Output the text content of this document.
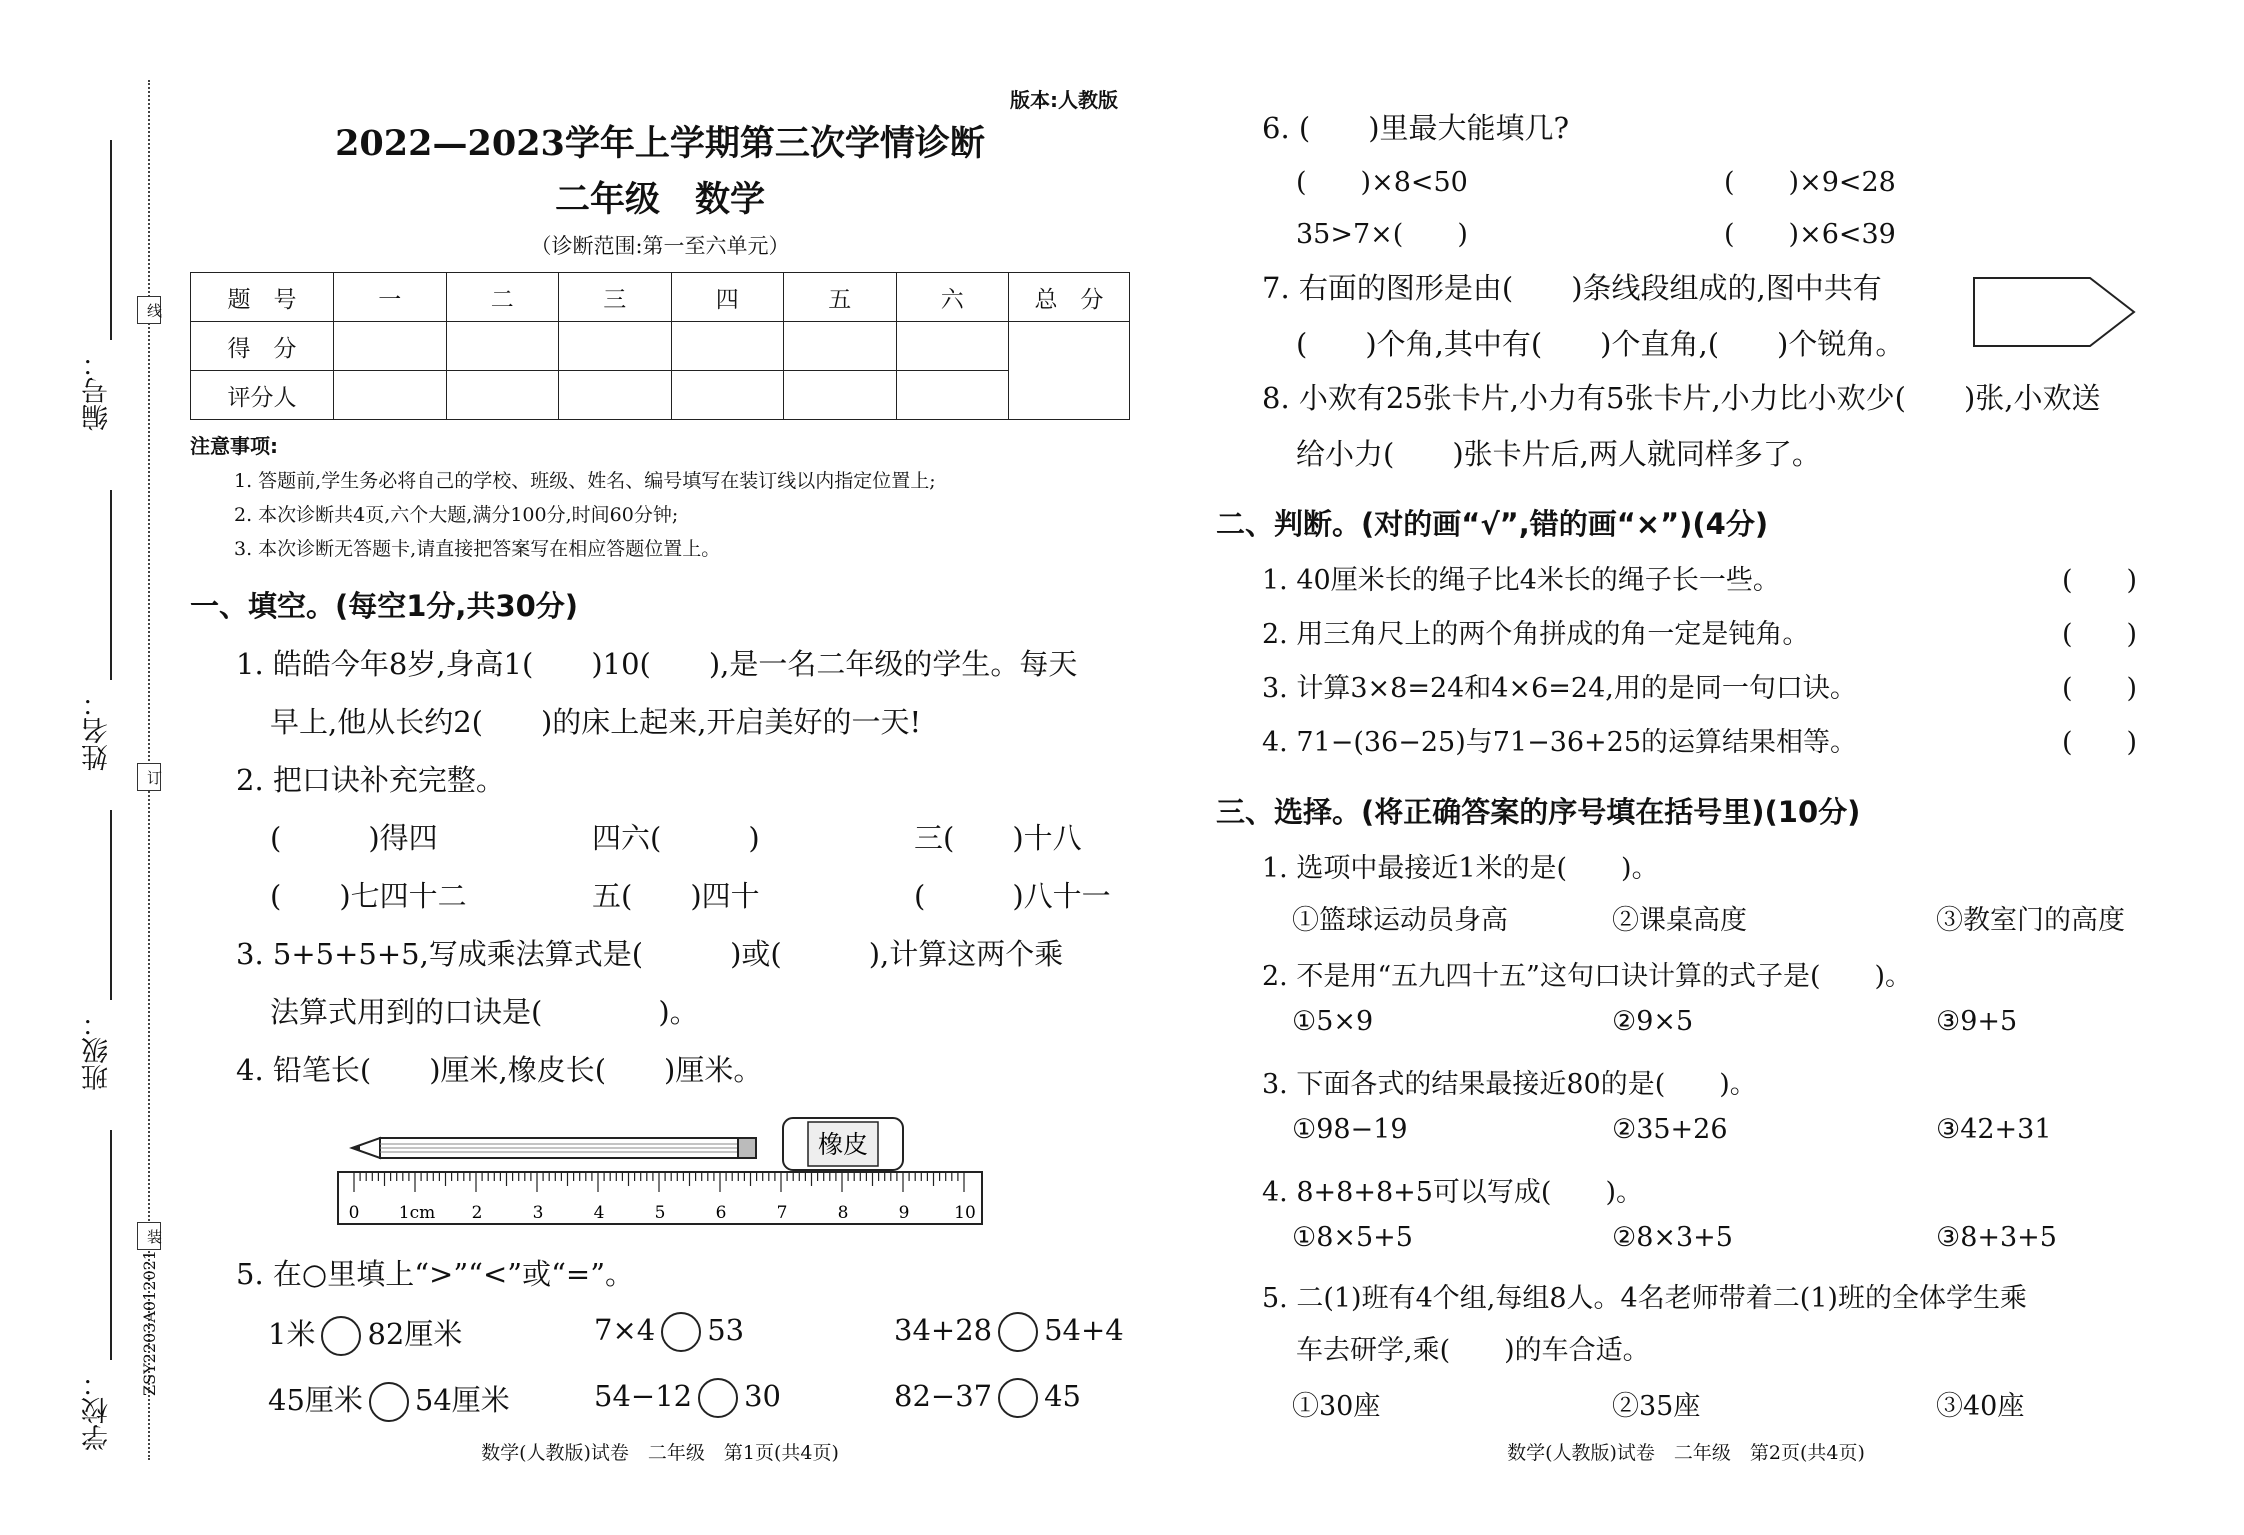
线
订
装
编号：
姓名：
班级：
学校：
ZSY2203A012021
版本:人教版
2022—2023学年上学期第三次学情诊断
二年级　数学
（诊断范围:第一至六单元）
题　号	一	二	三	四	五	六	总　分
得　分							
评分人							
注意事项:
1. 答题前,学生务必将自己的学校、班级、姓名、编号填写在装订线以内指定位置上;
2. 本次诊断共4页,六个大题,满分100分,时间60分钟;
3. 本次诊断无答题卡,请直接把答案写在相应答题位置上。
一、填空。(每空1分,共30分)
1. 皓皓今年8岁,身高1(　　)10(　　),是一名二年级的学生。每天
早上,他从长约2(　　)的床上起来,开启美好的一天!
2. 把口诀补充完整。
(　　　)得四	四六(　　　)	三(　　)十八
(　　)七四十二	五(　　)四十	(　　　)八十一
3. 5+5+5+5,写成乘法算式是(　　　)或(　　　),计算这两个乘
法算式用到的口诀是(　　　　)。
4. 铅笔长(　　)厘米,橡皮长(　　)厘米。
橡皮
0 1cm 2	3	4	5	6	7	8	9	10
5. 在○里填上“>”“<”或“=”。
1米 82厘米	7×4 53	34+28 54+4
45厘米 54厘米	54−12 30	82−37 45
数学(人教版)试卷　二年级　第1页(共4页)
6. (　　)里最大能填几?
(　　)×8<50	(　　)×9<28
35>7×(　　)	(　　)×6<39
7. 右面的图形是由(　　)条线段组成的,图中共有
(　　)个角,其中有(　　)个直角,(　　)个锐角。
8. 小欢有25张卡片,小力有5张卡片,小力比小欢少(　　)张,小欢送
给小力(　　)张卡片后,两人就同样多了。
二、判断。(对的画“√”,错的画“×”)(4分)
1. 40厘米长的绳子比4米长的绳子长一些。	(　　)
2. 用三角尺上的两个角拼成的角一定是钝角。	(　　)
3. 计算3×8=24和4×6=24,用的是同一句口诀。	(　　)
4. 71−(36−25)与71−36+25的运算结果相等。	(　　)
三、选择。(将正确答案的序号填在括号里)(10分)
1. 选项中最接近1米的是(　　)。
①篮球运动员身高	②课桌高度	③教室门的高度
2. 不是用“五九四十五”这句口诀计算的式子是(　　)。
①5×9	②9×5	③9+5
3. 下面各式的结果最接近80的是(　　)。
①98−19	②35+26	③42+31
4. 8+8+8+5可以写成(　　)。
①8×5+5	②8×3+5	③8+3+5
5. 二(1)班有4个组,每组8人。4名老师带着二(1)班的全体学生乘
车去研学,乘(　　)的车合适。
①30座	②35座	③40座
数学(人教版)试卷　二年级　第2页(共4页)
